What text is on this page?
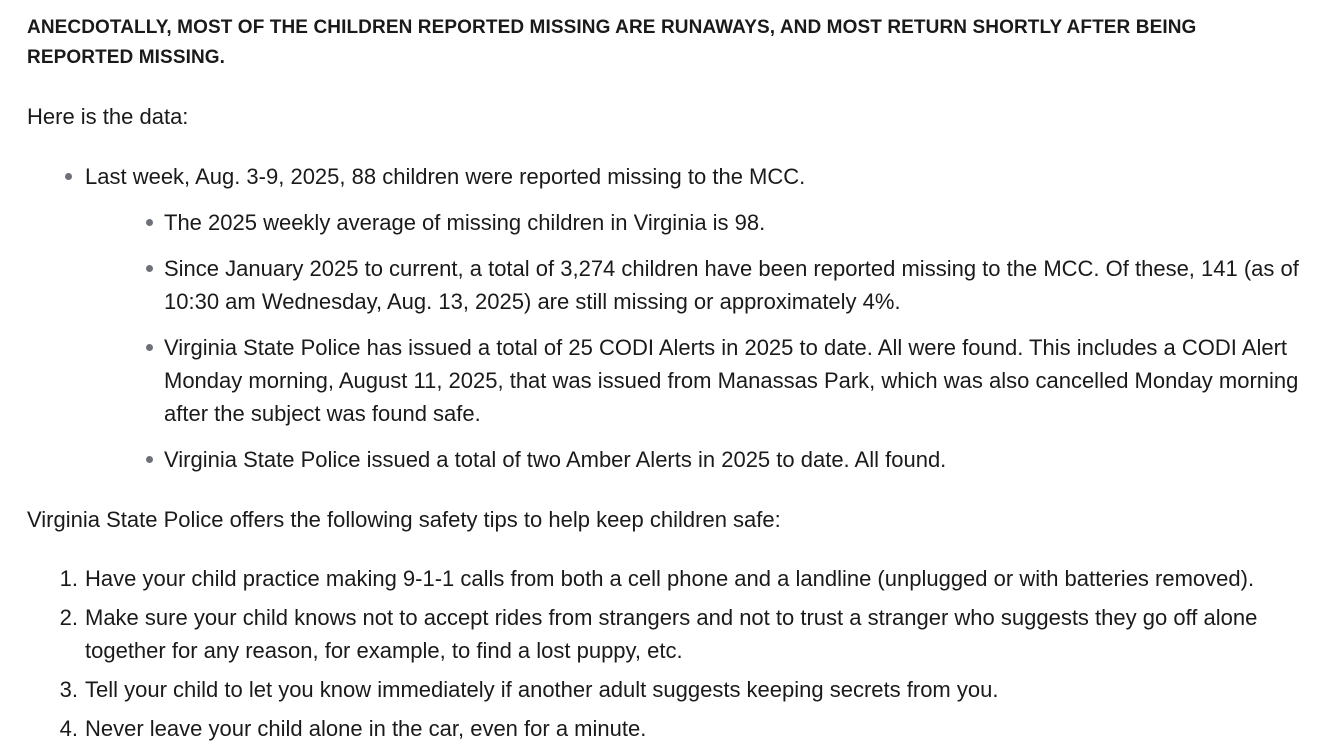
ANECDOTALLY, MOST OF THE CHILDREN REPORTED MISSING ARE RUNAWAYS, AND MOST RETURN SHORTLY AFTER BEING REPORTED MISSING.

Here is the data:

Last week, Aug. 3-9, 2025, 88 children were reported missing to the MCC.
The 2025 weekly average of missing children in Virginia is 98.
Since January 2025 to current, a total of 3,274 children have been reported missing to the MCC. Of these, 141 (as of 10:30 am Wednesday, Aug. 13, 2025) are still missing or approximately 4%.
Virginia State Police has issued a total of 25 CODI Alerts in 2025 to date. All were found. This includes a CODI Alert Monday morning, August 11, 2025, that was issued from Manassas Park, which was also cancelled Monday morning after the subject was found safe.
Virginia State Police issued a total of two Amber Alerts in 2025 to date. All found.

Virginia State Police offers the following safety tips to help keep children safe:

1. Have your child practice making 9-1-1 calls from both a cell phone and a landline (unplugged or with batteries removed).
2. Make sure your child knows not to accept rides from strangers and not to trust a stranger who suggests they go off alone together for any reason, for example, to find a lost puppy, etc.
3. Tell your child to let you know immediately if another adult suggests keeping secrets from you.
4. Never leave your child alone in the car, even for a minute.
